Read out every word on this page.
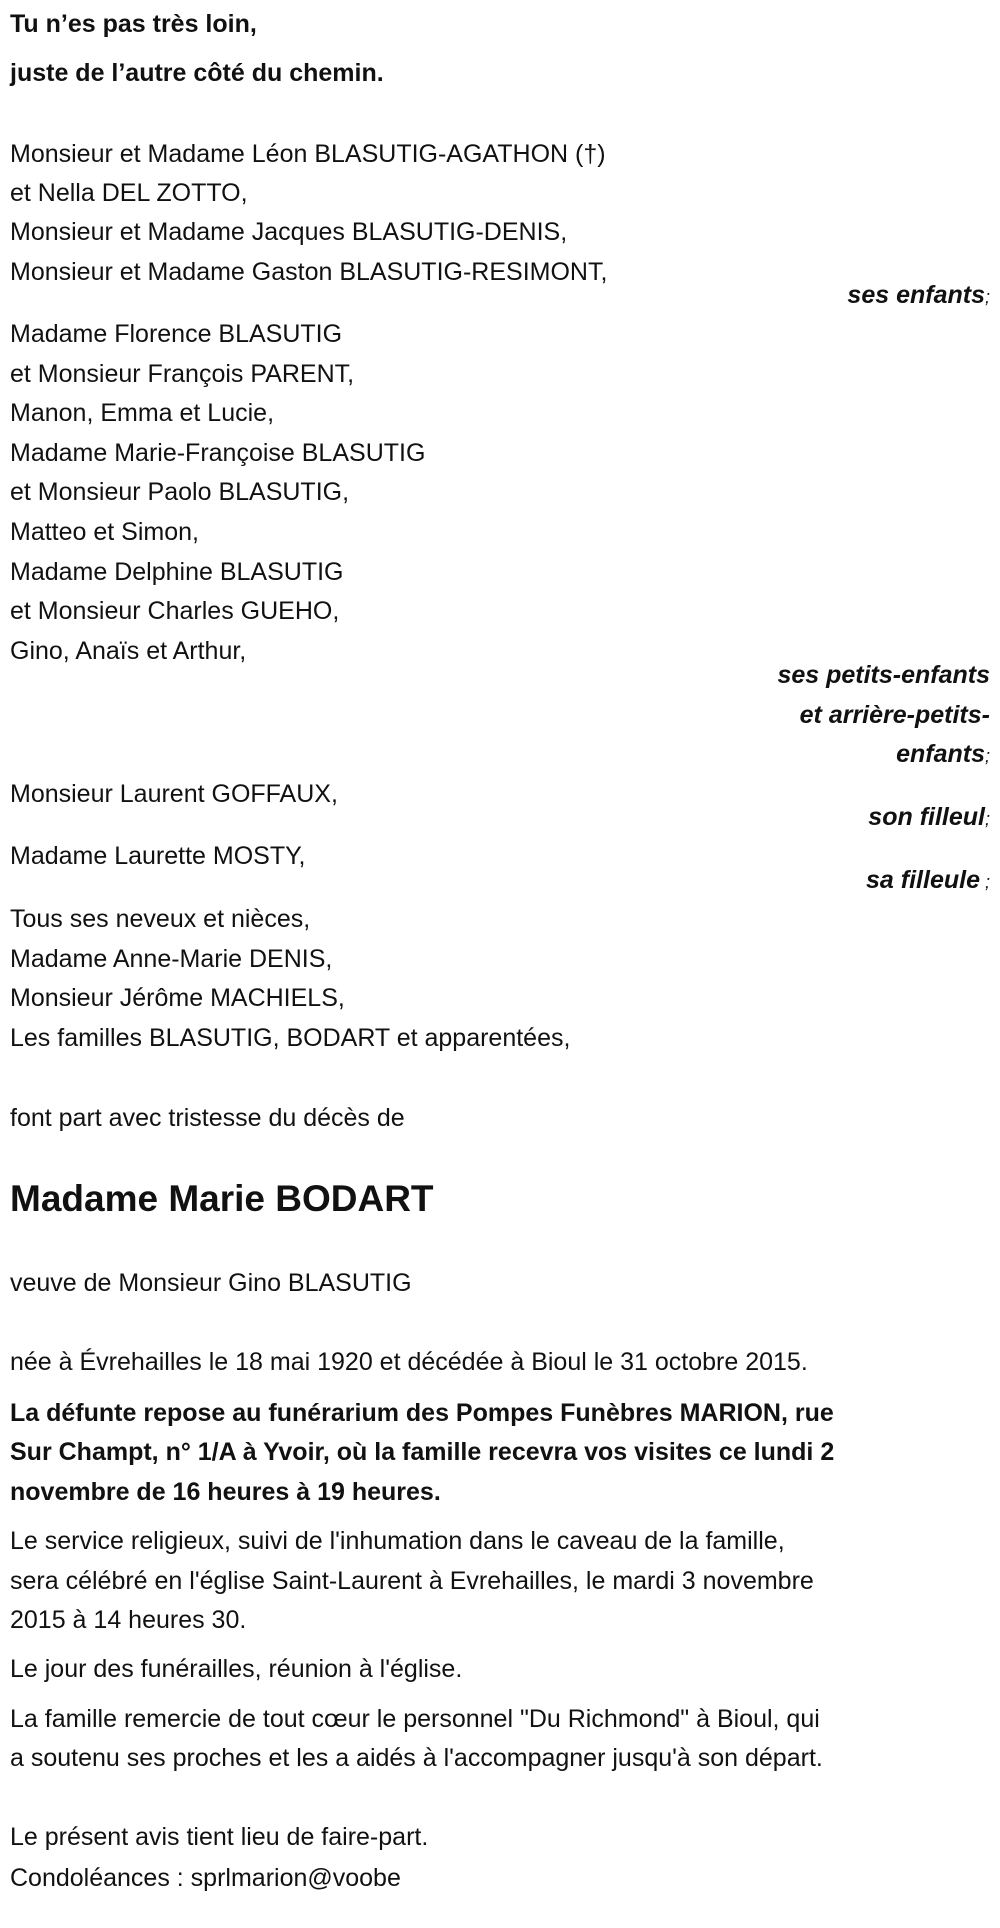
Tu n’es pas très loin,
juste de l’autre côté du chemin.
Monsieur et Madame Léon BLASUTIG-AGATHON (†)
et Nella DEL ZOTTO,
Monsieur et Madame Jacques BLASUTIG-DENIS,
Monsieur et Madame Gaston BLASUTIG-RESIMONT,
ses enfants;
Madame Florence BLASUTIG
et Monsieur François PARENT,
Manon, Emma et Lucie,
Madame Marie-Françoise BLASUTIG
et Monsieur Paolo BLASUTIG,
Matteo et Simon,
Madame Delphine BLASUTIG
et Monsieur Charles GUEHO,
Gino, Anaïs et Arthur,
ses petits-enfants
et arrière-petits-
enfants;
Monsieur Laurent GOFFAUX,
son filleul;
Madame Laurette MOSTY,
sa filleule ;
Tous ses neveux et nièces,
Madame Anne-Marie DENIS,
Monsieur Jérôme MACHIELS,
Les familles BLASUTIG, BODART et apparentées,
font part avec tristesse du décès de
Madame Marie BODART
veuve de Monsieur Gino BLASUTIG
née à Évrehailles le 18 mai 1920 et décédée à Bioul le 31 octobre 2015.
La défunte repose au funérarium des Pompes Funèbres MARION, rue
Sur Champt, n° 1/A à Yvoir, où la famille recevra vos visites ce lundi 2
novembre de 16 heures à 19 heures.
Le service religieux, suivi de l'inhumation dans le caveau de la famille,
sera célébré en l'église Saint-Laurent à Evrehailles, le mardi 3 novembre
2015 à 14 heures 30.
Le jour des funérailles, réunion à l'église.
La famille remercie de tout cœur le personnel "Du Richmond" à Bioul, qui
a soutenu ses proches et les a aidés à l'accompagner jusqu'à son départ.
Le présent avis tient lieu de faire-part.
Condoléances : sprlmarion@voobe
